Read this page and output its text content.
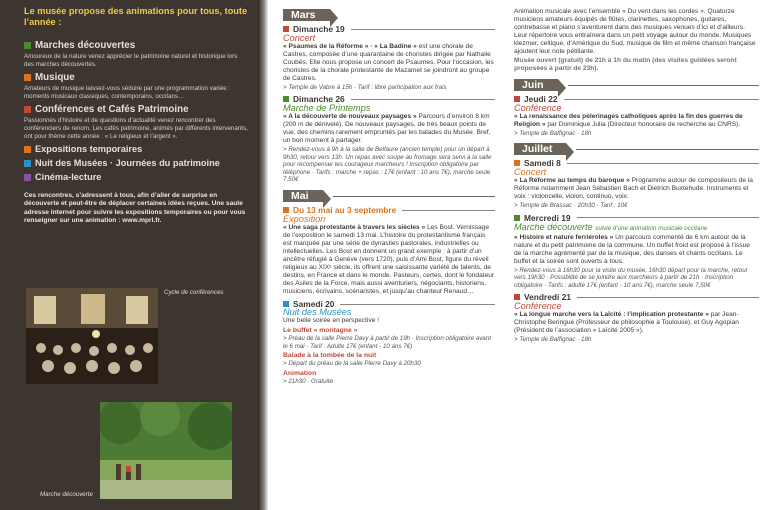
Le musée propose des animations pour tous, toute l’année :
Marches découvertes
Amoureux de la nature venez apprécier le patrimoine naturel et historique lors des marches découvertes.
Musique
Amateurs de musique laissez-vous séduire par une programmation variée : moments musicaux classiques, contemporains, occitans…
Conférences et Cafés Patrimoine
Passionnés d’histoire et de questions d’actualité venez rencontrer des conférenciers de renom. Les cafés patrimoine, animés par différents intervenants, ont pour thème cette année : « Le religieux et l’argent ».
Expositions temporaires
Nuit des Musées · Journées du patrimoine
Cinéma-lecture
Ces rencontres, s’adressent à tous, afin d’aller de surprise en découverte et peut-être de déplacer certaines idées reçues. Une saule adresse internet pour suivre les expositions temporaires ou pour vous renseigner sur une animation : www.mprl.fr.
Cycle de conférences
Marche découverte
Mars
Dimanche 19
Concert
« Psaumes de la Réforme » · « La Badine » est une chorale de Castres, composée d’une quarantaine de choristes dirigée par Nathalie Coubès. Elle nous propose un concert de Psaumes. Pour l’occasion, les choristes de la chorale protestante de Mazamet se joindront au groupe de Castres.
> Temple de Vabre à 15h · Tarif : libre participation aux frais
Dimanche 26
Marche de Printemps
« A la découverte de nouveaux paysages » Parcours d’environ 8 km (200 m de dénivelé). De nouveaux paysages, de très beaux points de vue, des chemins rarement empruntés par les balades du Musée. Bref, un bon moment à partager.
> Rendez-vous à 9h à la salle de Belfaure (ancien temple) pour un départ à 9h30, retour vers 13h. Un repas avec soupe au fromage sera servi à la salle pour récompenser les courageux marcheurs ! Inscription obligatoire par téléphone · Tarifs : marche + repas : 17€ (enfant : 10 ans 7€), marche seule 7,50€
Mai
Du 13 mai au 3 septembre
Exposition
« Une saga protestante à travers les siècles » Les Bost. Vernissage de l’exposition le samedi 13 mai. L’histoire du protestantisme français est marquée par une série de dynasties pastorales, industrielles ou intellectuelles. Les Bost en donnent un grand exemple : à partir d’un ancêtre réfugié à Genève (vers 1720), puis d’Ami Bost, figure du réveil religieux au XIXᵉ siècle, ils offrent une saisissante variété de talents, de destins, en France et dans le monde. Pasteurs, certes, dont le fondateur des Asiles de la Force, mais aussi aventuriers, négociants, historiens, musiciens, écrivains, scénaristes, et jusqu’au chanteur Renaud…
Samedi 20
Nuit des Musées
Une belle soirée en perspective !
Le buffet « montagne »
> Préau de la salle Pierre Davy à partir de 19h · Inscription obligatoire avant le 6 mai · Tarif : Adulte 17€ (enfant - 10 ans 7€)
Balade à la tombée de la nuit
> Départ du préau de la salle Pierre Davy à 20h30
Animation
> 21h30 · Gratuite
Animation musicale avec l’ensemble « Du vent dans les cordes ». Quatorze musiciens amateurs équipés de flûtes, clarinettes, saxophones, guitares, contrebasse et piano s’aventurent dans des musiques venues d’ici et d’ailleurs. Leur répertoire vous entraînera dans un petit voyage autour du monde. Musiques klezmer, celtique, d’Amérique du Sud, musique de film et même chanson française ajoutent leur note pétillante.
Musée ouvert (gratuit) de 21h à 1h du matin (des visites guidées seront proposées à partir de 23h).
Juin
Jeudi 22
Conférence
« La renaissance des pèlerinages catholiques après la fin des guerres de Religion » par Dominique Julia (Directeur honoraire de recherche au CNRS).
> Temple de Baffignac · 18h
Juillet
Samedi 8
Concert
« La Réforme au temps du baroque » Programme autour de compositeurs de la Réforme notamment Jean Sébastien Bach et Dietrich Buxtehude. Instruments et voix : violoncelle, violon, continuo, voix.
> Temple de Brassac · 20h30 · Tarif : 10€
Mercredi 19
Marche découverte suivie d’une animation musicale occitane
« Histoire et nature ferriéroles » Un parcours commenté de 6 km autour de la nature et du petit patrimoine de la commune. Un buffet froid est proposé à l’issue de la marche agrémenté par de la musique, des danses et chants occitans. Le buffet et la soirée sont ouverts à tous.
> Rendez-vous à 16h30 pour la visite du musée, 16h30 départ pour la marche, retour vers 19h30 · Possibilité de se joindre aux marcheurs à partir de 21h · Inscription obligatoire · Tarifs : adulte 17€ (enfant - 10 ans 7€), marche seule 7,50€
Vendredi 21
Conférence
« La longue marche vers la Laïcité : l’implication protestante » par Jean-Christophe Beringué (Professeur de philosophie à Toulouse), et Guy Agopian (Président de l’association « Laïcité 2005 »).
> Temple de Baffignac · 18h
